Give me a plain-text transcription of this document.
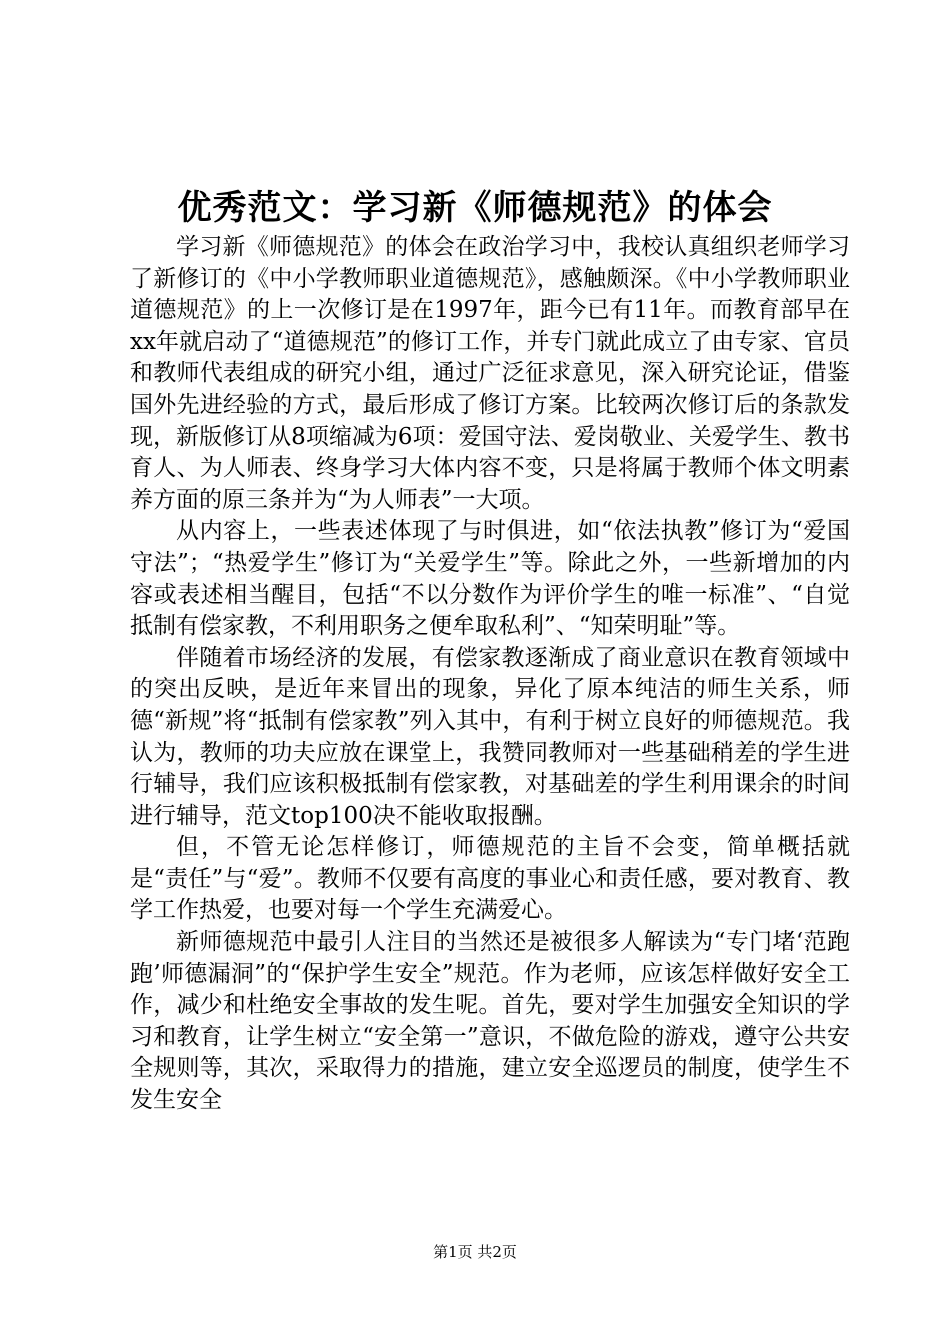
优秀范文：学习新《师德规范》的体会

学习新《师德规范》的体会在政治学习中，我校认真组织老师学习了新修订的《中小学教师职业道德规范》，感触颇深。《中小学教师职业道德规范》的上一次修订是在1997年，距今已有11年。而教育部早在xx年就启动了“道德规范”的修订工作，并专门就此成立了由专家、官员和教师代表组成的研究小组，通过广泛征求意见，深入研究论证，借鉴国外先进经验的方式，最后形成了修订方案。比较两次修订后的条款发现，新版修订从8项缩减为6项：爱国守法、爱岗敬业、关爱学生、教书育人、为人师表、终身学习大体内容不变，只是将属于教师个体文明素养方面的原三条并为“为人师表”一大项。

从内容上，一些表述体现了与时俱进，如“依法执教”修订为“爱国守法”；“热爱学生”修订为“关爱学生”等。除此之外，一些新增加的内容或表述相当醒目，包括“不以分数作为评价学生的唯一标准”、“自觉抵制有偿家教，不利用职务之便牟取私利”、“知荣明耻”等。

伴随着市场经济的发展，有偿家教逐渐成了商业意识在教育领域中的突出反映，是近年来冒出的现象，异化了原本纯洁的师生关系，师德“新规”将“抵制有偿家教”列入其中，有利于树立良好的师德规范。我认为，教师的功夫应放在课堂上，我赞同教师对一些基础稍差的学生进行辅导，我们应该积极抵制有偿家教，对基础差的学生利用课余的时间进行辅导，范文top100决不能收取报酬。

但，不管无论怎样修订，师德规范的主旨不会变，简单概括就是“责任”与“爱”。教师不仅要有高度的事业心和责任感，要对教育、教学工作热爱，也要对每一个学生充满爱心。

新师德规范中最引人注目的当然还是被很多人解读为“专门堵‘范跑跑’师德漏洞”的“保护学生安全”规范。作为老师，应该怎样做好安全工作，减少和杜绝安全事故的发生呢。首先，要对学生加强安全知识的学习和教育，让学生树立“安全第一”意识，不做危险的游戏，遵守公共安全规则等，其次，采取得力的措施，建立安全巡逻员的制度，使学生不发生安全

第1页 共2页
